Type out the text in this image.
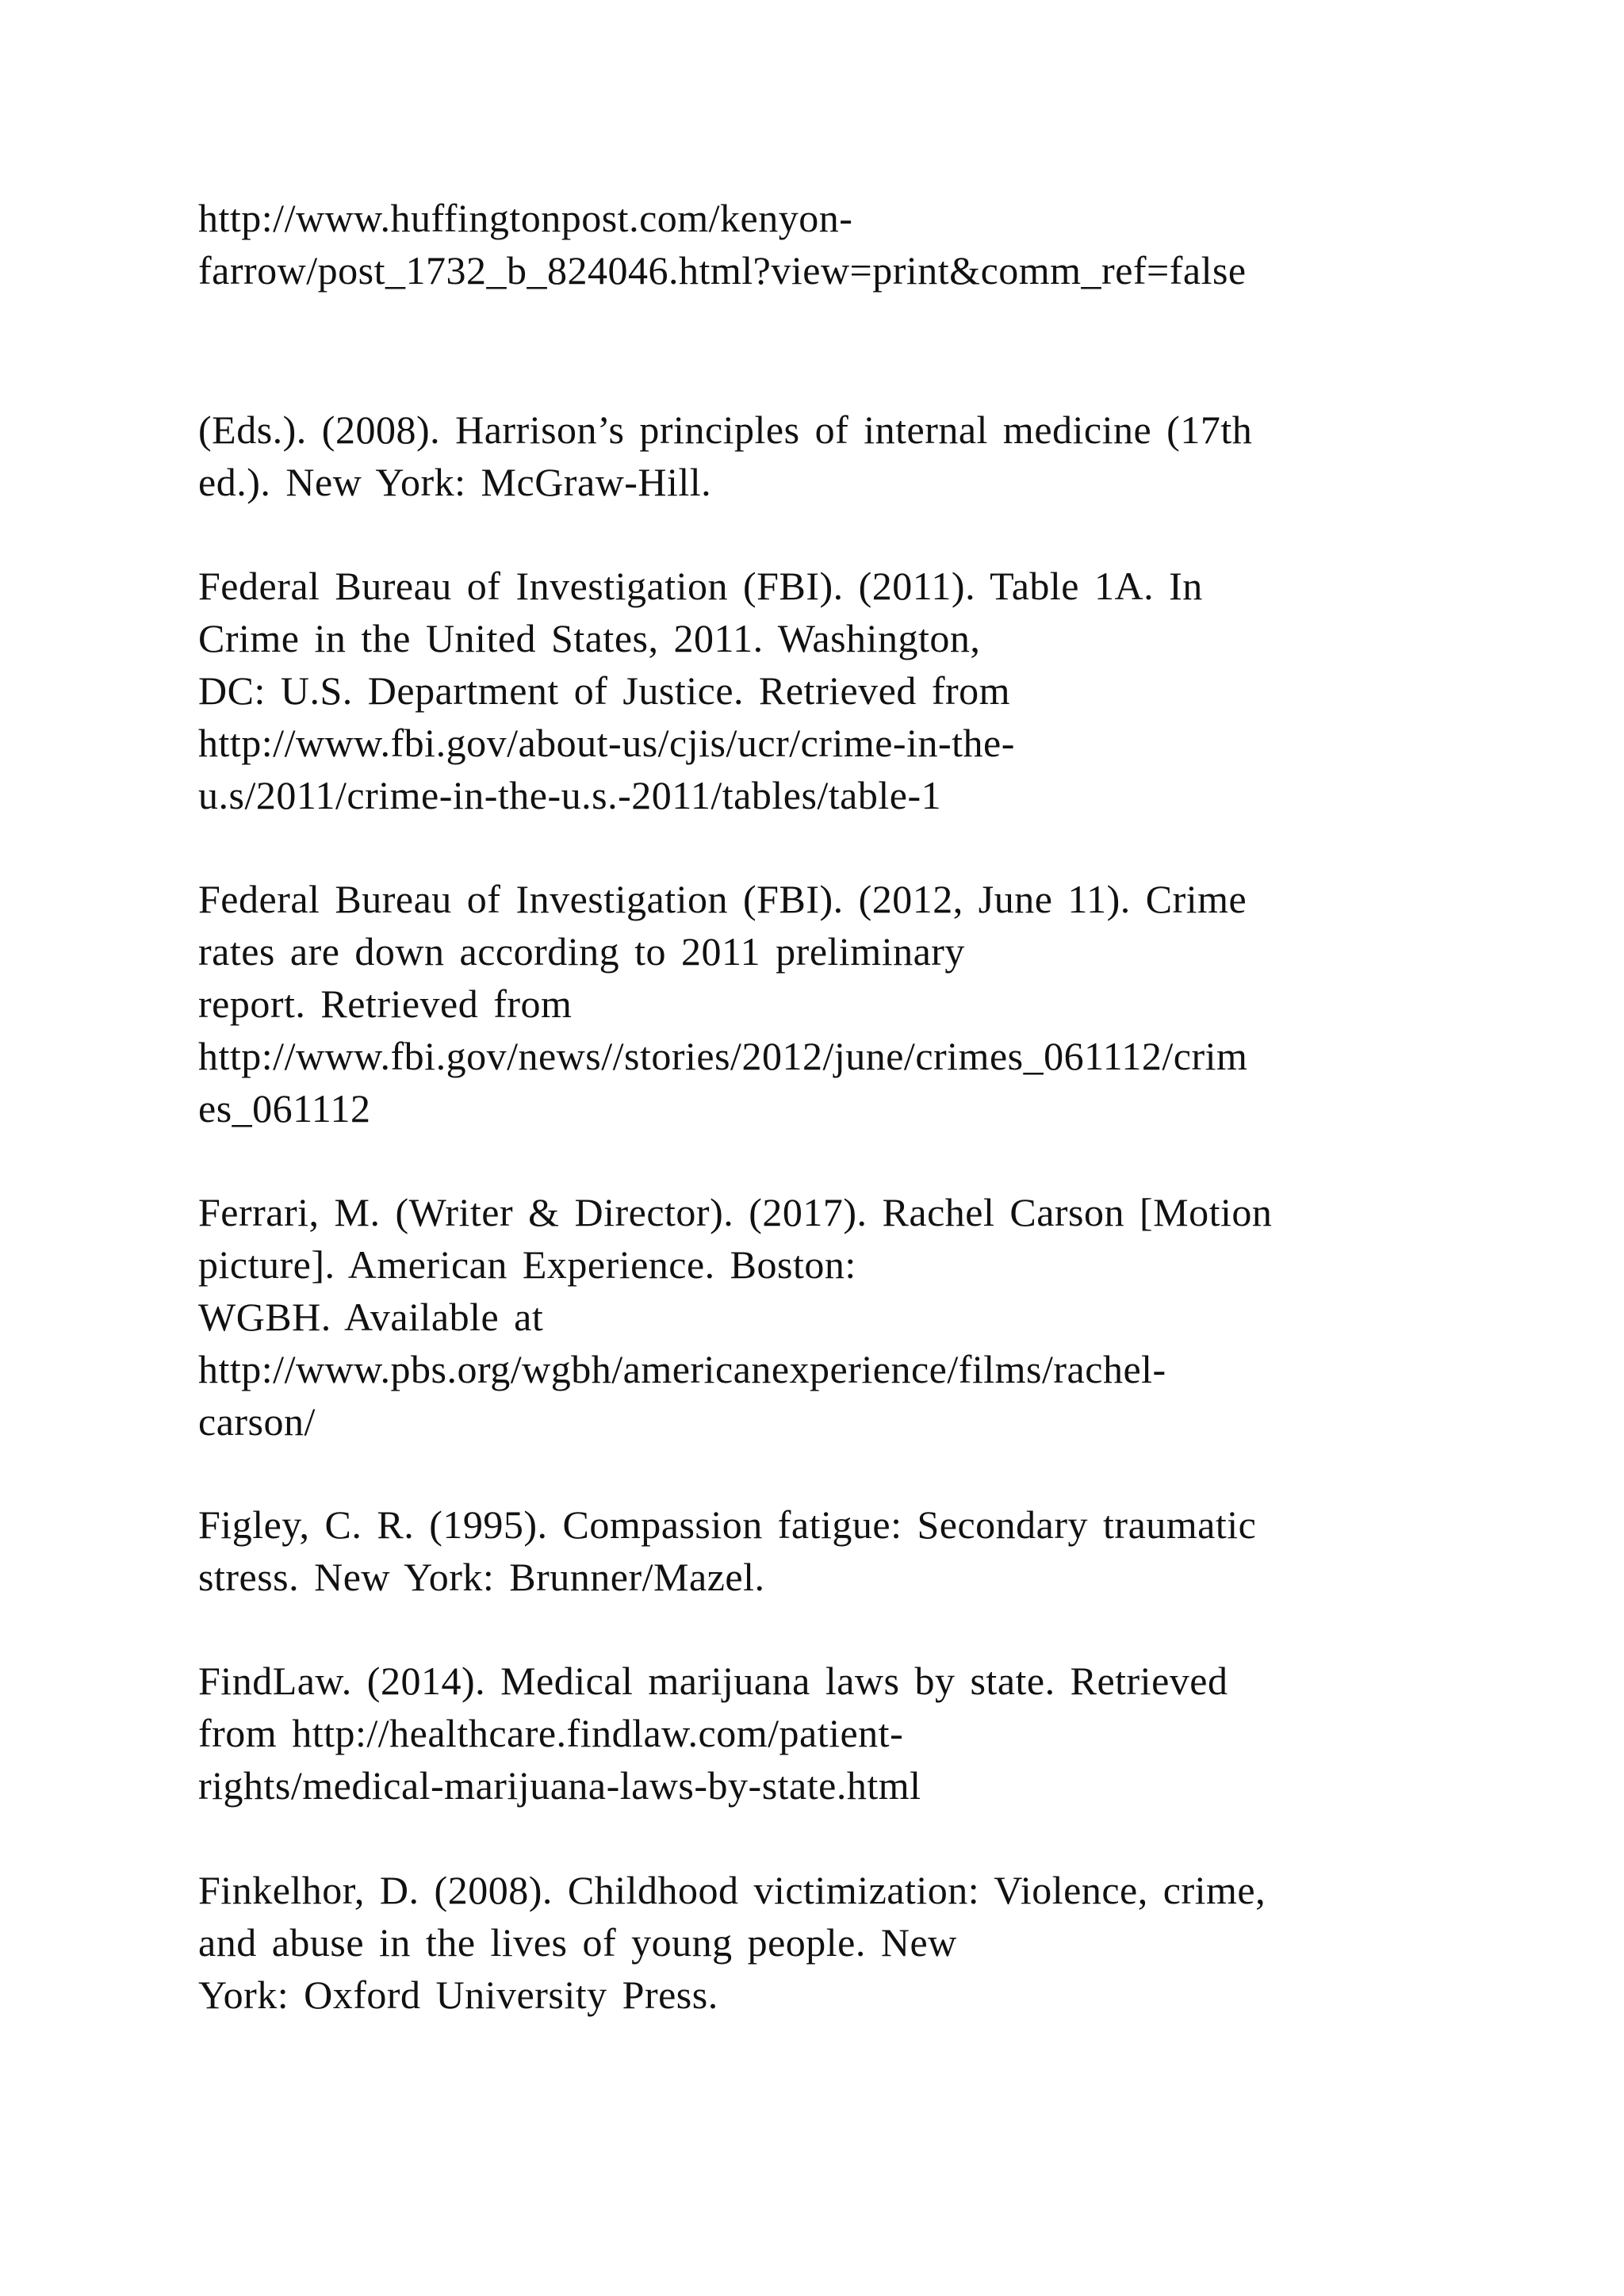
http://www.huffingtonpost.com/kenyon-
farrow/post_1732_b_824046.html?view=print&comm_ref=false

(Eds.). (2008). Harrison’s principles of internal medicine (17th
ed.). New York: McGraw-Hill.

Federal Bureau of Investigation (FBI). (2011). Table 1A. In
Crime in the United States, 2011. Washington,
DC: U.S. Department of Justice. Retrieved from
http://www.fbi.gov/about-us/cjis/ucr/crime-in-the-
u.s/2011/crime-in-the-u.s.-2011/tables/table-1

Federal Bureau of Investigation (FBI). (2012, June 11). Crime
rates are down according to 2011 preliminary
report. Retrieved from
http://www.fbi.gov/news//stories/2012/june/crimes_061112/crim
es_061112

Ferrari, M. (Writer & Director). (2017). Rachel Carson [Motion
picture]. American Experience. Boston:
WGBH. Available at
http://www.pbs.org/wgbh/americanexperience/films/rachel-
carson/

Figley, C. R. (1995). Compassion fatigue: Secondary traumatic
stress. New York: Brunner/Mazel.

FindLaw. (2014). Medical marijuana laws by state. Retrieved
from http://healthcare.findlaw.com/patient-
rights/medical-marijuana-laws-by-state.html

Finkelhor, D. (2008). Childhood victimization: Violence, crime,
and abuse in the lives of young people. New
York: Oxford University Press.
